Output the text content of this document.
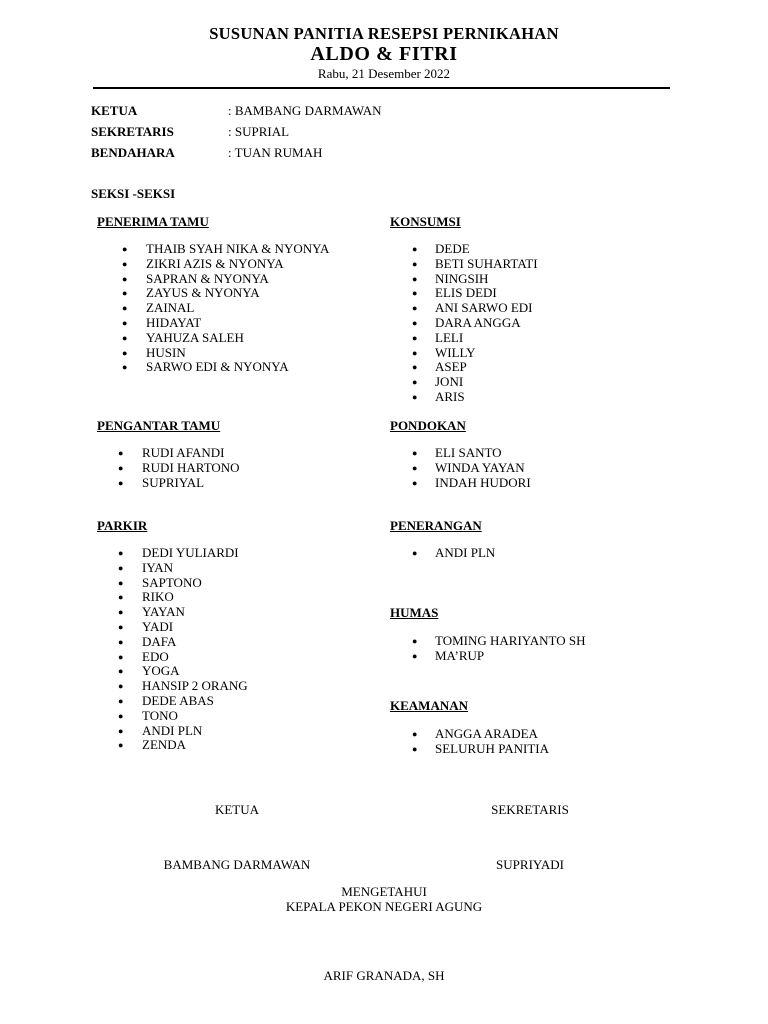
SUSUNAN PANITIA RESEPSI PERNIKAHAN
ALDO & FITRI
Rabu, 21 Desember 2022
KETUA	: BAMBANG DARMAWAN
SEKRETARIS	: SUPRIAL
BENDAHARA	: TUAN RUMAH
SEKSI -SEKSI
PENERIMA TAMU
● THAIB SYAH NIKA & NYONYA
● ZIKRI AZIS & NYONYA
● SAPRAN & NYONYA
● ZAYUS & NYONYA
● ZAINAL
● HIDAYAT
● YAHUZA SALEH
● HUSIN
● SARWO EDI & NYONYA
PENGANTAR TAMU
● RUDI AFANDI
● RUDI HARTONO
● SUPRIYAL
PARKIR
● DEDI YULIARDI
● IYAN
● SAPTONO
● RIKO
● YAYAN
● YADI
● DAFA
● EDO
● YOGA
● HANSIP 2 ORANG
● DEDE ABAS
● TONO
● ANDI PLN
● ZENDA
KONSUMSI
● DEDE
● BETI SUHARTATI
● NINGSIH
● ELIS DEDI
● ANI SARWO EDI
● DARA ANGGA
● LELI
● WILLY
● ASEP
● JONI
● ARIS
PONDOKAN
● ELI SANTO
● WINDA YAYAN
● INDAH HUDORI
PENERANGAN
● ANDI PLN
HUMAS
● TOMING HARIYANTO SH
● MA’RUP
KEAMANAN
● ANGGA ARADEA
● SELURUH PANITIA
KETUA	SEKRETARIS
BAMBANG DARMAWAN	SUPRIYADI
MENGETAHUI
KEPALA PEKON NEGERI AGUNG
ARIF GRANADA, SH
